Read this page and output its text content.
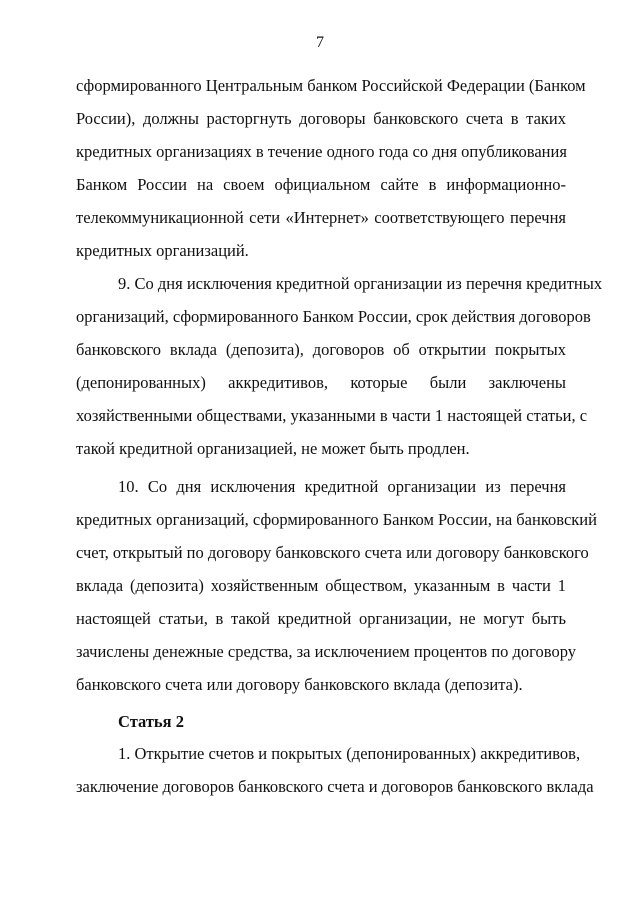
7
сформированного Центральным банком Российской Федерации (Банком
России), должны расторгнуть договоры банковского счета в таких
кредитных организациях в течение одного года со дня опубликования
Банком России на своем официальном сайте в информационно-
телекоммуникационной сети «Интернет» соответствующего перечня
кредитных организаций.
9. Со дня исключения кредитной организации из перечня кредитных
организаций, сформированного Банком России, срок действия договоров
банковского вклада (депозита), договоров об открытии покрытых
(депонированных) аккредитивов, которые были заключены
хозяйственными обществами, указанными в части 1 настоящей статьи, с
такой кредитной организацией, не может быть продлен.
10. Со дня исключения кредитной организации из перечня
кредитных организаций, сформированного Банком России, на банковский
счет, открытый по договору банковского счета или договору банковского
вклада (депозита) хозяйственным обществом, указанным в части 1
настоящей статьи, в такой кредитной организации, не могут быть
зачислены денежные средства, за исключением процентов по договору
банковского счета или договору банковского вклада (депозита).
Статья 2
1. Открытие счетов и покрытых (депонированных) аккредитивов,
заключение договоров банковского счета и договоров банковского вклада
